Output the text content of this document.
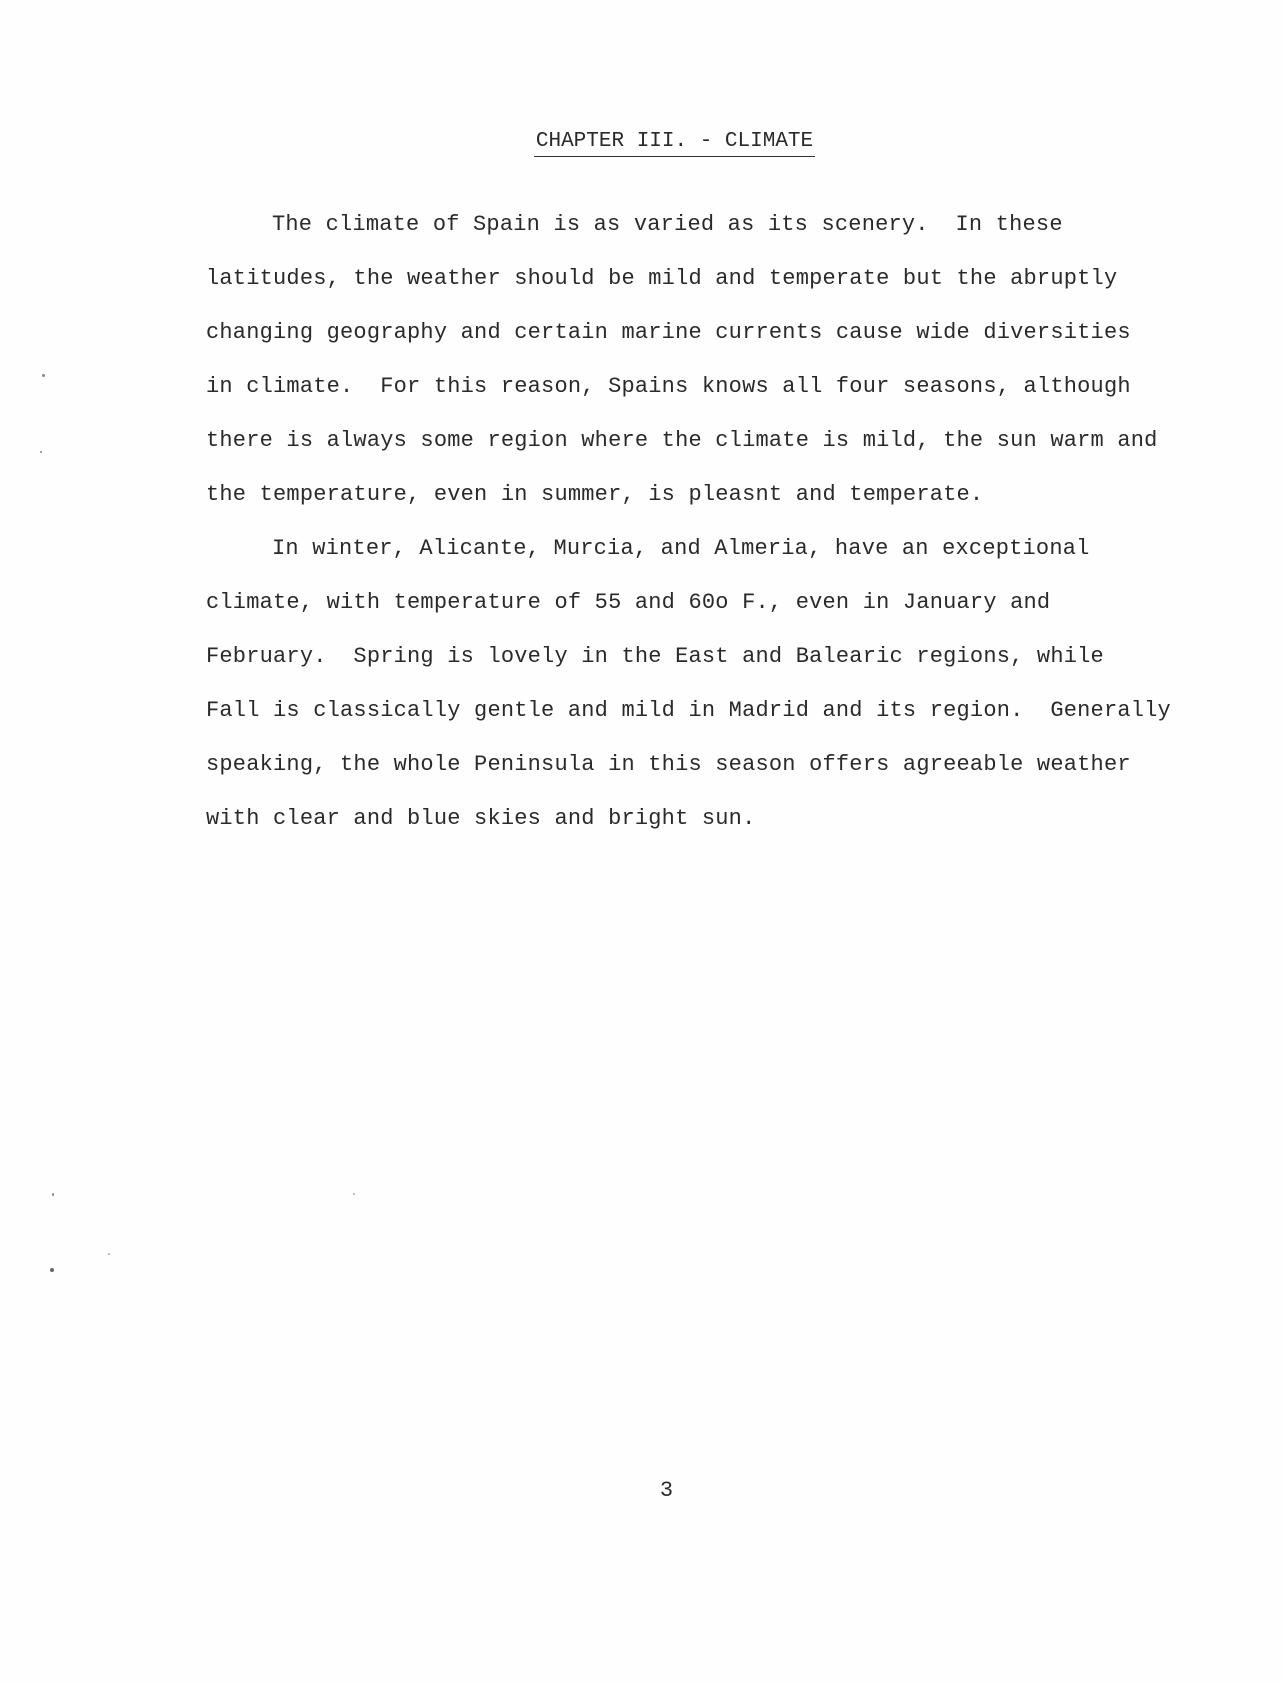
CHAPTER III. - CLIMATE
The climate of Spain is as varied as its scenery.  In these
latitudes, the weather should be mild and temperate but the abruptly
changing geography and certain marine currents cause wide diversities
in climate.  For this reason, Spains knows all four seasons, although
there is always some region where the climate is mild, the sun warm and
the temperature, even in summer, is pleasnt and temperate.
In winter, Alicante, Murcia, and Almeria, have an exceptional
climate, with temperature of 55 and 60o F., even in January and
February.  Spring is lovely in the East and Balearic regions, while
Fall is classically gentle and mild in Madrid and its region.  Generally
speaking, the whole Peninsula in this season offers agreeable weather
with clear and blue skies and bright sun.
3
